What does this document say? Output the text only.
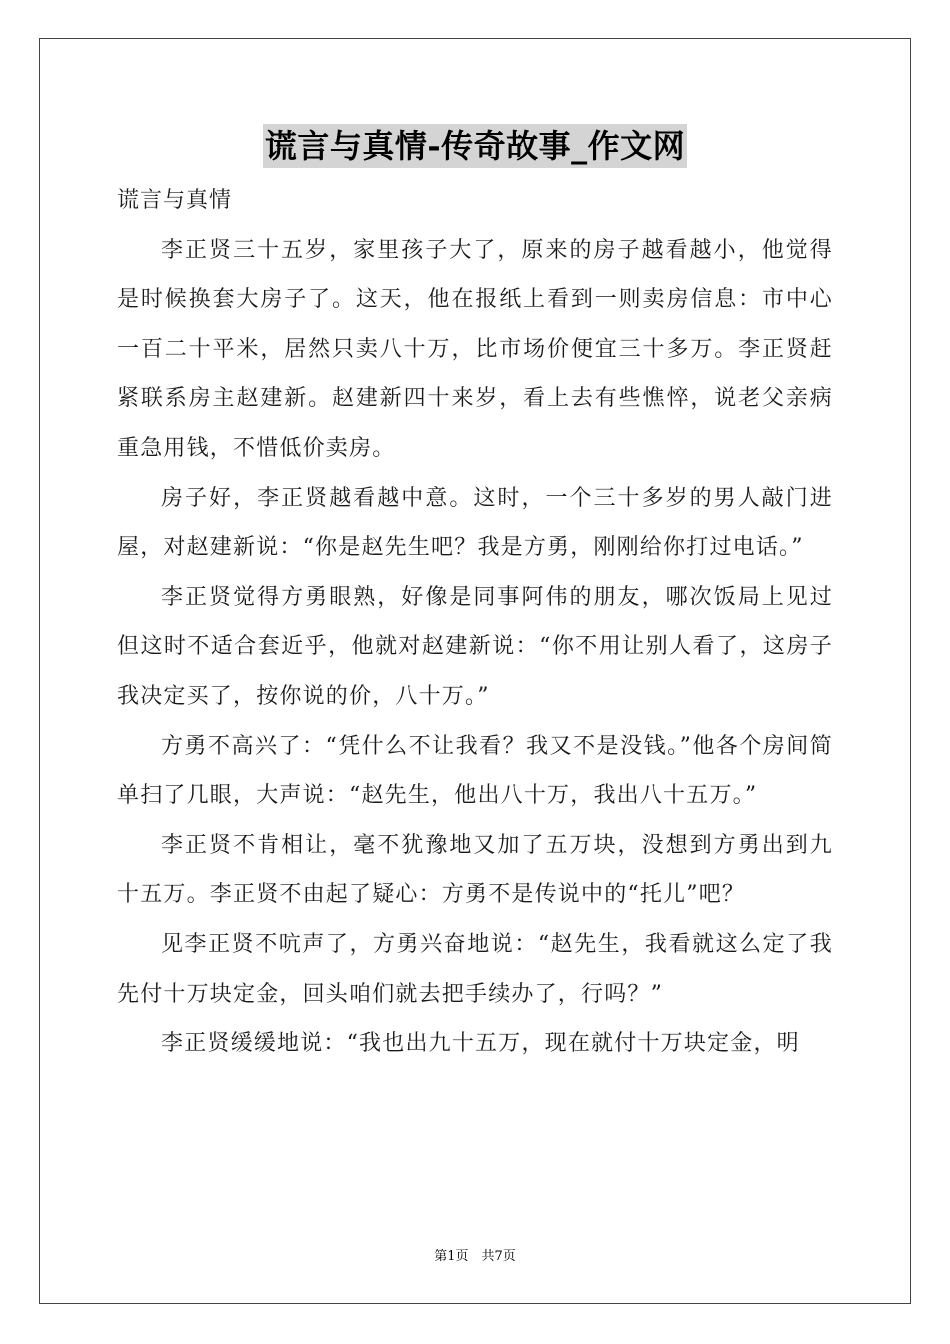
谎言与真情-传奇故事_作文网

谎言与真情

李正贤三十五岁，家里孩子大了，原来的房子越看越小，他觉得是时候换套大房子了。这天，他在报纸上看到一则卖房信息：市中心一百二十平米，居然只卖八十万，比市场价便宜三十多万。李正贤赶紧联系房主赵建新。赵建新四十来岁，看上去有些憔悴，说老父亲病重急用钱，不惜低价卖房。

房子好，李正贤越看越中意。这时，一个三十多岁的男人敲门进屋，对赵建新说：“你是赵先生吧？我是方勇，刚刚给你打过电话。”

李正贤觉得方勇眼熟，好像是同事阿伟的朋友，哪次饭局上见过但这时不适合套近乎，他就对赵建新说：“你不用让别人看了，这房子我决定买了，按你说的价，八十万。”

方勇不高兴了：“凭什么不让我看？我又不是没钱。”他各个房间简单扫了几眼，大声说：“赵先生，他出八十万，我出八十五万。”

李正贤不肯相让，毫不犹豫地又加了五万块，没想到方勇出到九十五万。李正贤不由起了疑心：方勇不是传说中的“托儿”吧？

见李正贤不吭声了，方勇兴奋地说：“赵先生，我看就这么定了我先付十万块定金，回头咱们就去把手续办了，行吗？”

李正贤缓缓地说：“我也出九十五万，现在就付十万块定金，明

第1页　共7页
